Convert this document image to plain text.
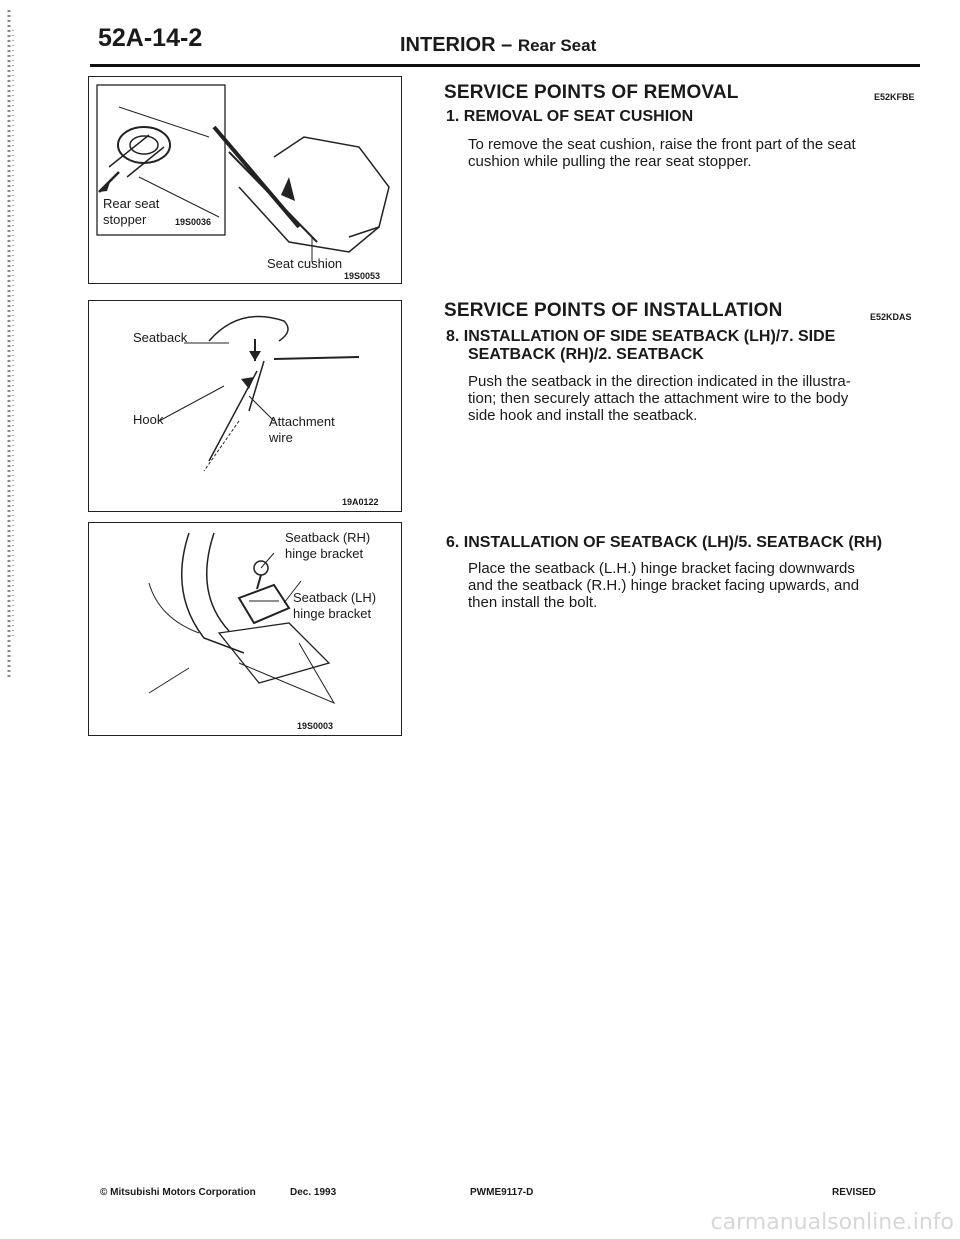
52A-14-2	INTERIOR – Rear Seat
Rear seat
stopper	19S0036
Seat cushion
19S0053
Seatback
Hook	Attachment
wire
19A0122
Seatback (RH)
hinge bracket
Seatback (LH)
hinge bracket
19S0003
SERVICE POINTS OF REMOVAL	E52KFBE
1. REMOVAL OF SEAT CUSHION
To remove the seat cushion, raise the front part of the seat
cushion while pulling the rear seat stopper.
SERVICE POINTS OF INSTALLATION	E52KDAS
8. INSTALLATION OF SIDE SEATBACK (LH)/7. SIDE
SEATBACK (RH)/2. SEATBACK
Push the seatback in the direction indicated in the illustra-
tion; then securely attach the attachment wire to the body
side hook and install the seatback.
6. INSTALLATION OF SEATBACK (LH)/5. SEATBACK (RH)
Place the seatback (L.H.) hinge bracket facing downwards
and the seatback (R.H.) hinge bracket facing upwards, and
then install the bolt.
© Mitsubishi Motors Corporation	Dec. 1993	PWME9117-D	REVISED
carmanualsonline.info
